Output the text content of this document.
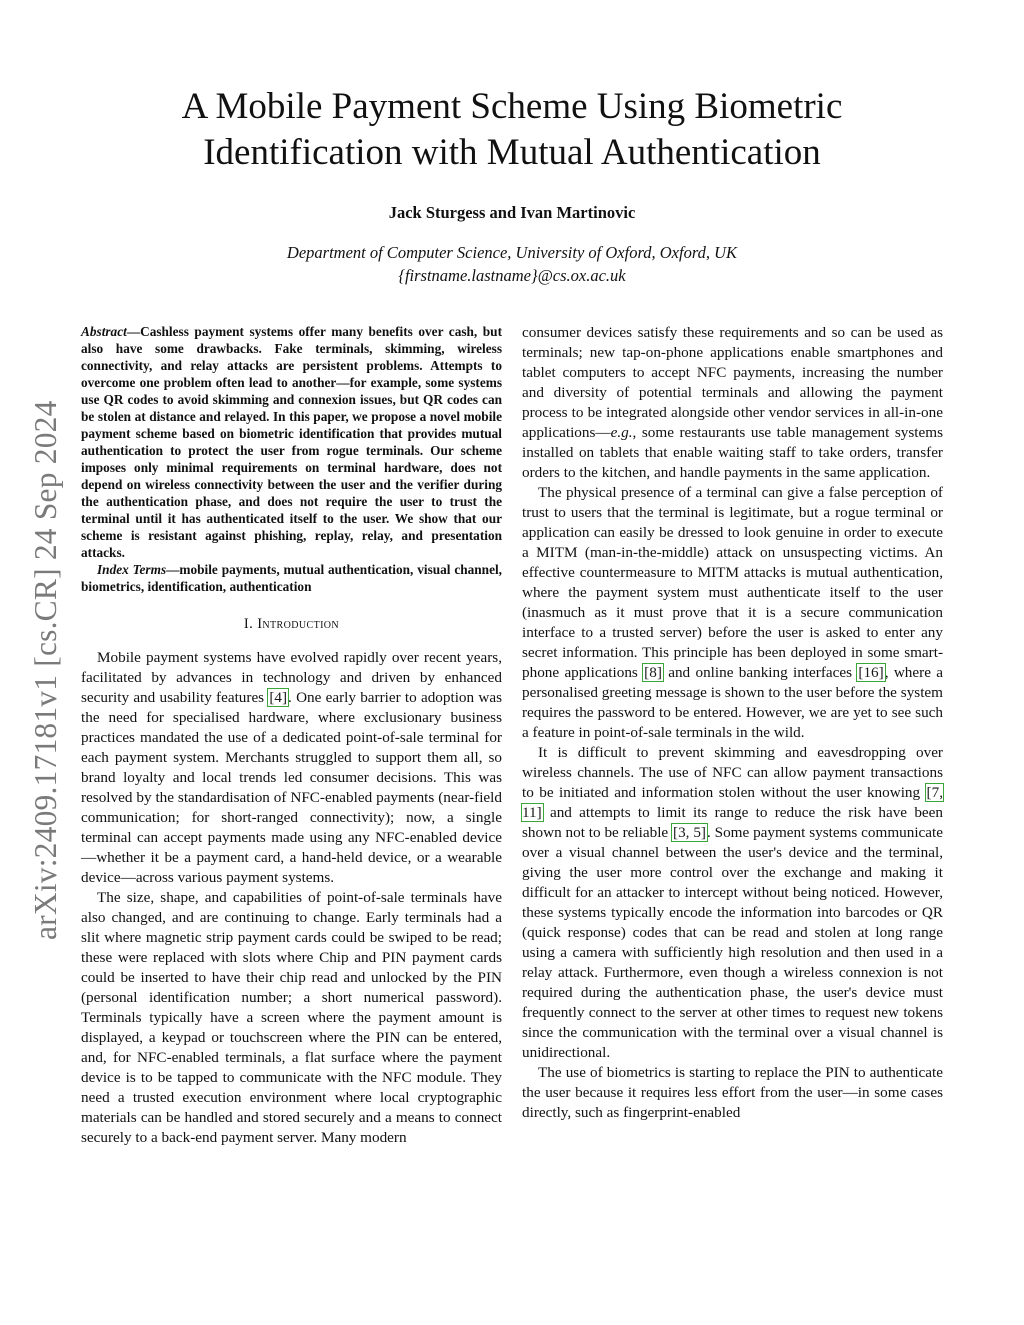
arXiv:2409.17181v1 [cs.CR] 24 Sep 2024
A Mobile Payment Scheme Using Biometric
Identification with Mutual Authentication
Jack Sturgess and Ivan Martinovic
Department of Computer Science, University of Oxford, Oxford, UK
{firstname.lastname}@cs.ox.ac.uk

Abstract—Cashless payment systems offer many benefits over cash, but also have some drawbacks. Fake terminals, skimming, wireless connectivity, and relay attacks are persistent problems. Attempts to overcome one problem often lead to another—for example, some systems use QR codes to avoid skimming and connexion issues, but QR codes can be stolen at distance and relayed. In this paper, we propose a novel mobile payment scheme based on biometric identification that provides mutual authentication to protect the user from rogue terminals. Our scheme imposes only minimal requirements on terminal hardware, does not depend on wireless connectivity between the user and the verifier during the authentication phase, and does not require the user to trust the terminal until it has authenticated itself to the user. We show that our scheme is resistant against phishing, replay, relay, and presentation attacks.

Index Terms—mobile payments, mutual authentication, visual channel, biometrics, identification, authentication

I. Introduction

Mobile payment systems have evolved rapidly over recent years, facilitated by advances in technology and driven by enhanced security and usability features [4]. One early barrier to adoption was the need for specialised hardware, where exclusionary business practices mandated the use of a dedicated point-of-sale terminal for each payment system. Merchants struggled to support them all, so brand loyalty and local trends led consumer decisions. This was resolved by the standardisation of NFC-enabled payments (near-field communication; for short-ranged connectivity); now, a single terminal can accept payments made using any NFC-enabled device—whether it be a payment card, a hand-held device, or a wearable device—across various payment systems.

The size, shape, and capabilities of point-of-sale terminals have also changed, and are continuing to change. Early terminals had a slit where magnetic strip payment cards could be swiped to be read; these were replaced with slots where Chip and PIN payment cards could be inserted to have their chip read and unlocked by the PIN (personal identification number; a short numerical password). Terminals typically have a screen where the payment amount is displayed, a keypad or touchscreen where the PIN can be entered, and, for NFC-enabled terminals, a flat surface where the payment device is to be tapped to communicate with the NFC module. They need a trusted execution environment where local cryptographic materials can be handled and stored securely and a means to connect securely to a back-end payment server. Many modern

consumer devices satisfy these requirements and so can be used as terminals; new tap-on-phone applications enable smartphones and tablet computers to accept NFC payments, increasing the number and diversity of potential terminals and allowing the payment process to be integrated alongside other vendor services in all-in-one applications—e.g., some restaurants use table management systems installed on tablets that enable waiting staff to take orders, transfer orders to the kitchen, and handle payments in the same application.

The physical presence of a terminal can give a false perception of trust to users that the terminal is legitimate, but a rogue terminal or application can easily be dressed to look genuine in order to execute a MITM (man-in-the-middle) attack on unsuspecting victims. An effective countermeasure to MITM attacks is mutual authentication, where the payment system must authenticate itself to the user (inasmuch as it must prove that it is a secure communication interface to a trusted server) before the user is asked to enter any secret information. This principle has been deployed in some smart-phone applications [8] and online banking interfaces [16], where a personalised greeting message is shown to the user before the system requires the password to be entered. However, we are yet to see such a feature in point-of-sale terminals in the wild.

It is difficult to prevent skimming and eavesdropping over wireless channels. The use of NFC can allow payment transactions to be initiated and information stolen without the user knowing [7, 11] and attempts to limit its range to reduce the risk have been shown not to be reliable [3, 5]. Some payment systems communicate over a visual channel between the user's device and the terminal, giving the user more control over the exchange and making it difficult for an attacker to intercept without being noticed. However, these systems typically encode the information into barcodes or QR (quick response) codes that can be read and stolen at long range using a camera with sufficiently high resolution and then used in a relay attack. Furthermore, even though a wireless connexion is not required during the authentication phase, the user's device must frequently connect to the server at other times to request new tokens since the communication with the terminal over a visual channel is unidirectional.

The use of biometrics is starting to replace the PIN to authenticate the user because it requires less effort from the user—in some cases directly, such as fingerprint-enabled
